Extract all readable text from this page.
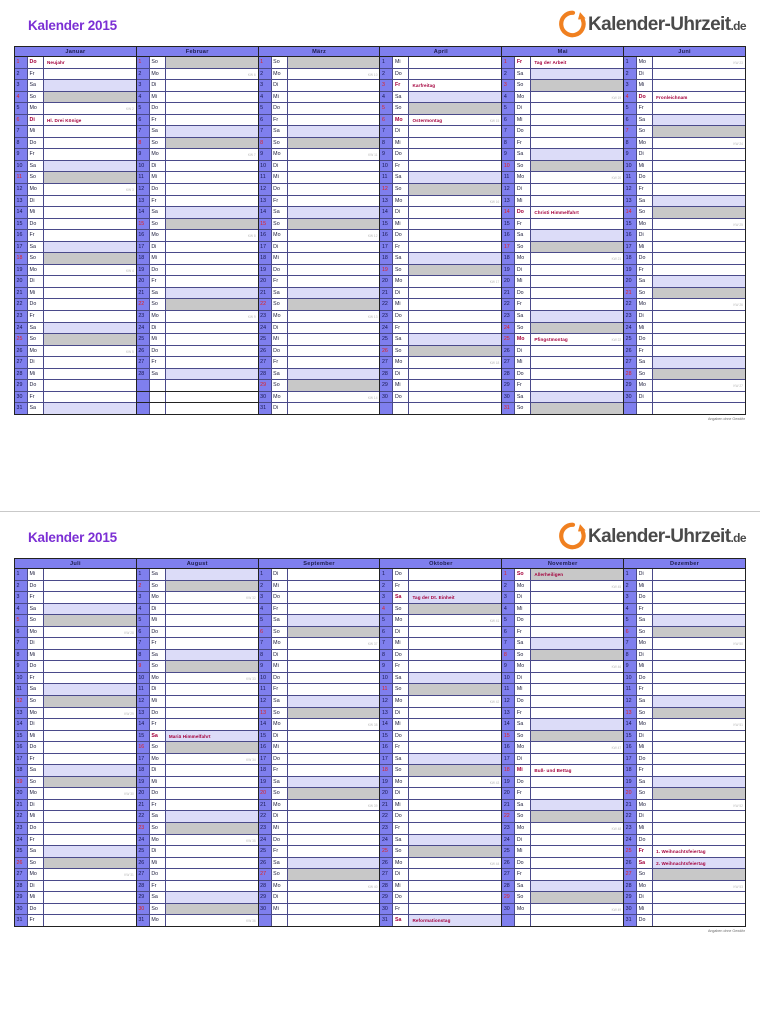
Kalender 2015	Kalender-Uhrzeit.de
Januar
1	Do	Neujahr
2	Fr
3	Sa
4	So
5	Mo	KW 2
6	Di	Hl. Drei Könige
7	Mi
8	Do
9	Fr
10	Sa
11	So
12	Mo	KW 3
13	Di
14	Mi
15	Do
16	Fr
17	Sa
18	So
19	Mo	KW 4
20	Di
21	Mi
22	Do
23	Fr
24	Sa
25	So
26	Mo	KW 5
27	Di
28	Mi
29	Do
30	Fr
31	Sa
Februar
1	So
2	Mo	KW 6
3	Di
4	Mi
5	Do
6	Fr
7	Sa
8	So
9	Mo	KW 7
10	Di
11	Mi
12	Do
13	Fr
14	Sa
15	So
16	Mo	KW 8
17	Di
18	Mi
19	Do
20	Fr
21	Sa
22	So
23	Mo	KW 9
24	Di
25	Mi
26	Do
27	Fr
28	Sa
März
1	So
2	Mo	KW 10
3	Di
4	Mi
5	Do
6	Fr
7	Sa
8	So
9	Mo	KW 11
10	Di
11	Mi
12	Do
13	Fr
14	Sa
15	So
16	Mo	KW 12
17	Di
18	Mi
19	Do
20	Fr
21	Sa
22	So
23	Mo	KW 13
24	Di
25	Mi
26	Do
27	Fr
28	Sa
29	So
30	Mo	KW 14
31	Di
April
1	Mi
2	Do
3	Fr	Karfreitag
4	Sa
5	So
6	Mo	Ostermontag	KW 15
7	Di
8	Mi
9	Do
10	Fr
11	Sa
12	So
13	Mo	KW 16
14	Di
15	Mi
16	Do
17	Fr
18	Sa
19	So
20	Mo	KW 17
21	Di
22	Mi
23	Do
24	Fr
25	Sa
26	So
27	Mo	KW 18
28	Di
29	Mi
30	Do
Mai
1	Fr	Tag der Arbeit
2	Sa
3	So
4	Mo	KW 19
5	Di
6	Mi
7	Do
8	Fr
9	Sa
10	So
11	Mo	KW 20
12	Di
13	Mi
14	Do	Christi Himmelfahrt
15	Fr
16	Sa
17	So
18	Mo	KW 21
19	Di
20	Mi
21	Do
22	Fr
23	Sa
24	So
25	Mo	Pfingstmontag	KW 22
26	Di
27	Mi
28	Do
29	Fr
30	Sa
31	So
Juni
1	Mo	KW 23
2	Di
3	Mi
4	Do	Fronleichnam
5	Fr
6	Sa
7	So
8	Mo	KW 24
9	Di
10	Mi
11	Do
12	Fr
13	Sa
14	So
15	Mo	KW 25
16	Di
17	Mi
18	Do
19	Fr
20	Sa
21	So
22	Mo	KW 26
23	Di
24	Mi
25	Do
26	Fr
27	Sa
28	So
29	Mo	KW 27
30	Di
Angaben ohne Gewähr
Kalender 2015	Kalender-Uhrzeit.de
Juli
1	Mi
2	Do
3	Fr
4	Sa
5	So
6	Mo	KW 28
7	Di
8	Mi
9	Do
10	Fr
11	Sa
12	So
13	Mo	KW 29
14	Di
15	Mi
16	Do
17	Fr
18	Sa
19	So
20	Mo	KW 30
21	Di
22	Mi
23	Do
24	Fr
25	Sa
26	So
27	Mo	KW 31
28	Di
29	Mi
30	Do
31	Fr
August
1	Sa
2	So
3	Mo	KW 32
4	Di
5	Mi
6	Do
7	Fr
8	Sa
9	So
10	Mo	KW 33
11	Di
12	Mi
13	Do
14	Fr
15	Sa	Mariä Himmelfahrt
16	So
17	Mo	KW 34
18	Di
19	Mi
20	Do
21	Fr
22	Sa
23	So
24	Mo	KW 35
25	Di
26	Mi
27	Do
28	Fr
29	Sa
30	So
31	Mo	KW 36
September
1	Di
2	Mi
3	Do
4	Fr
5	Sa
6	So
7	Mo	KW 37
8	Di
9	Mi
10	Do
11	Fr
12	Sa
13	So
14	Mo	KW 38
15	Di
16	Mi
17	Do
18	Fr
19	Sa
20	So
21	Mo	KW 39
22	Di
23	Mi
24	Do
25	Fr
26	Sa
27	So
28	Mo	KW 40
29	Di
30	Mi
Oktober
1	Do
2	Fr
3	Sa	Tag der Dt. Einheit
4	So
5	Mo	KW 41
6	Di
7	Mi
8	Do
9	Fr
10	Sa
11	So
12	Mo	KW 42
13	Di
14	Mi
15	Do
16	Fr
17	Sa
18	So
19	Mo	KW 43
20	Di
21	Mi
22	Do
23	Fr
24	Sa
25	So
26	Mo	KW 44
27	Di
28	Mi
29	Do
30	Fr
31	Sa	Reformationstag
November
1	So	Allerheiligen
2	Mo	KW 45
3	Di
4	Mi
5	Do
6	Fr
7	Sa
8	So
9	Mo	KW 46
10	Di
11	Mi
12	Do
13	Fr
14	Sa
15	So
16	Mo	KW 47
17	Di
18	Mi	Buß- und Bettag
19	Do
20	Fr
21	Sa
22	So
23	Mo	KW 48
24	Di
25	Mi
26	Do
27	Fr
28	Sa
29	So
30	Mo	KW 49
Dezember
1	Di
2	Mi
3	Do
4	Fr
5	Sa
6	So
7	Mo	KW 50
8	Di
9	Mi
10	Do
11	Fr
12	Sa
13	So
14	Mo	KW 51
15	Di
16	Mi
17	Do
18	Fr
19	Sa
20	So
21	Mo	KW 52
22	Di
23	Mi
24	Do
25	Fr	1. Weihnachtsfeiertag
26	Sa	2. Weihnachtsfeiertag
27	So
28	Mo	KW 53
29	Di
30	Mi
31	Do
Angaben ohne Gewähr
